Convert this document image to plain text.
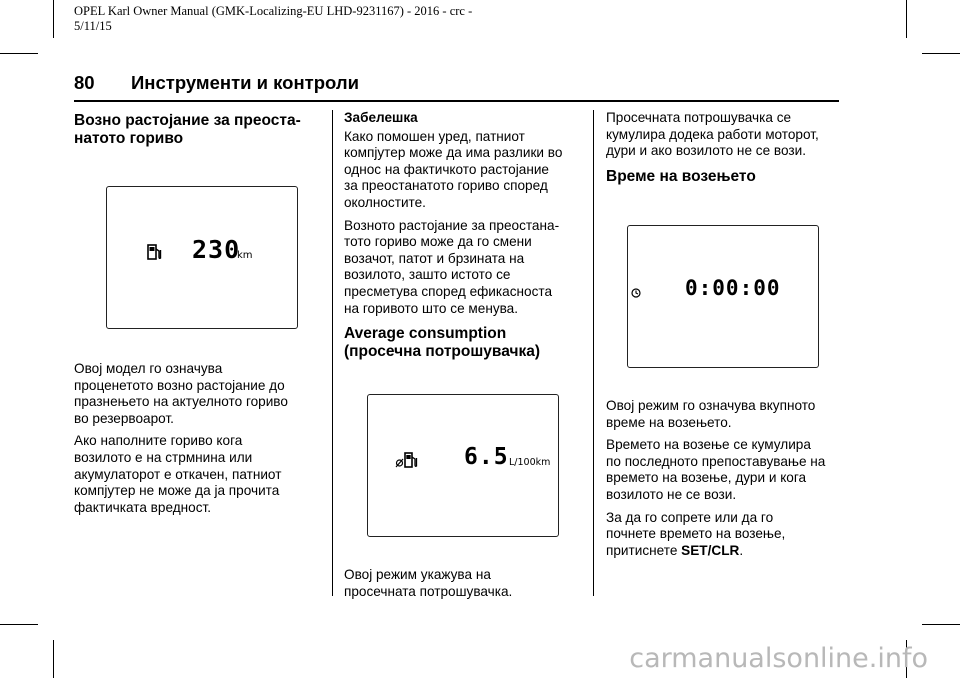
OPEL Karl Owner Manual (GMK-Localizing-EU LHD-9231167) - 2016 - crc -
5/11/15
80 Инструменти и контроли
Возно растојание за преоста-
натото гориво
230
km

Овој модел го означува
проценетото возно растојание до
празнењето на актуелното гориво
во резервоарот.

Ако наполните гориво кога
возилото е на стрмнина или
акумулаторот е откачен, патниот
компјутер не може да ја прочита
фактичката вредност.

Забелешка

Како помошен уред, патниот
компјутер може да има разлики во
однос на фактичкото растојание
за преостанатото гориво според
околностите.

Возното растојание за преостана-
тото гориво може да го смени
возачот, патот и брзината на
возилото, зашто истото се
пресметува според ефикасноста
на горивото што се менува.

Average consumption
(просечна потрошувачка)
6.5 L/100km

Овој режим укажува на
просечната потрошувачка.

Просечната потрошувачка се
кумулира додека работи моторот,
дури и ако возилото не се вози.

Време на возењето
0:00:00

Овој режим го означува вкупното
време на возењето.

Времето на возење се кумулира
по последното препоставување на
времето на возење, дури и кога
возилото не се вози.

За да го сопрете или да го
почнете времето на возење,
притиснете SET/CLR.

carmanualsonline.info
